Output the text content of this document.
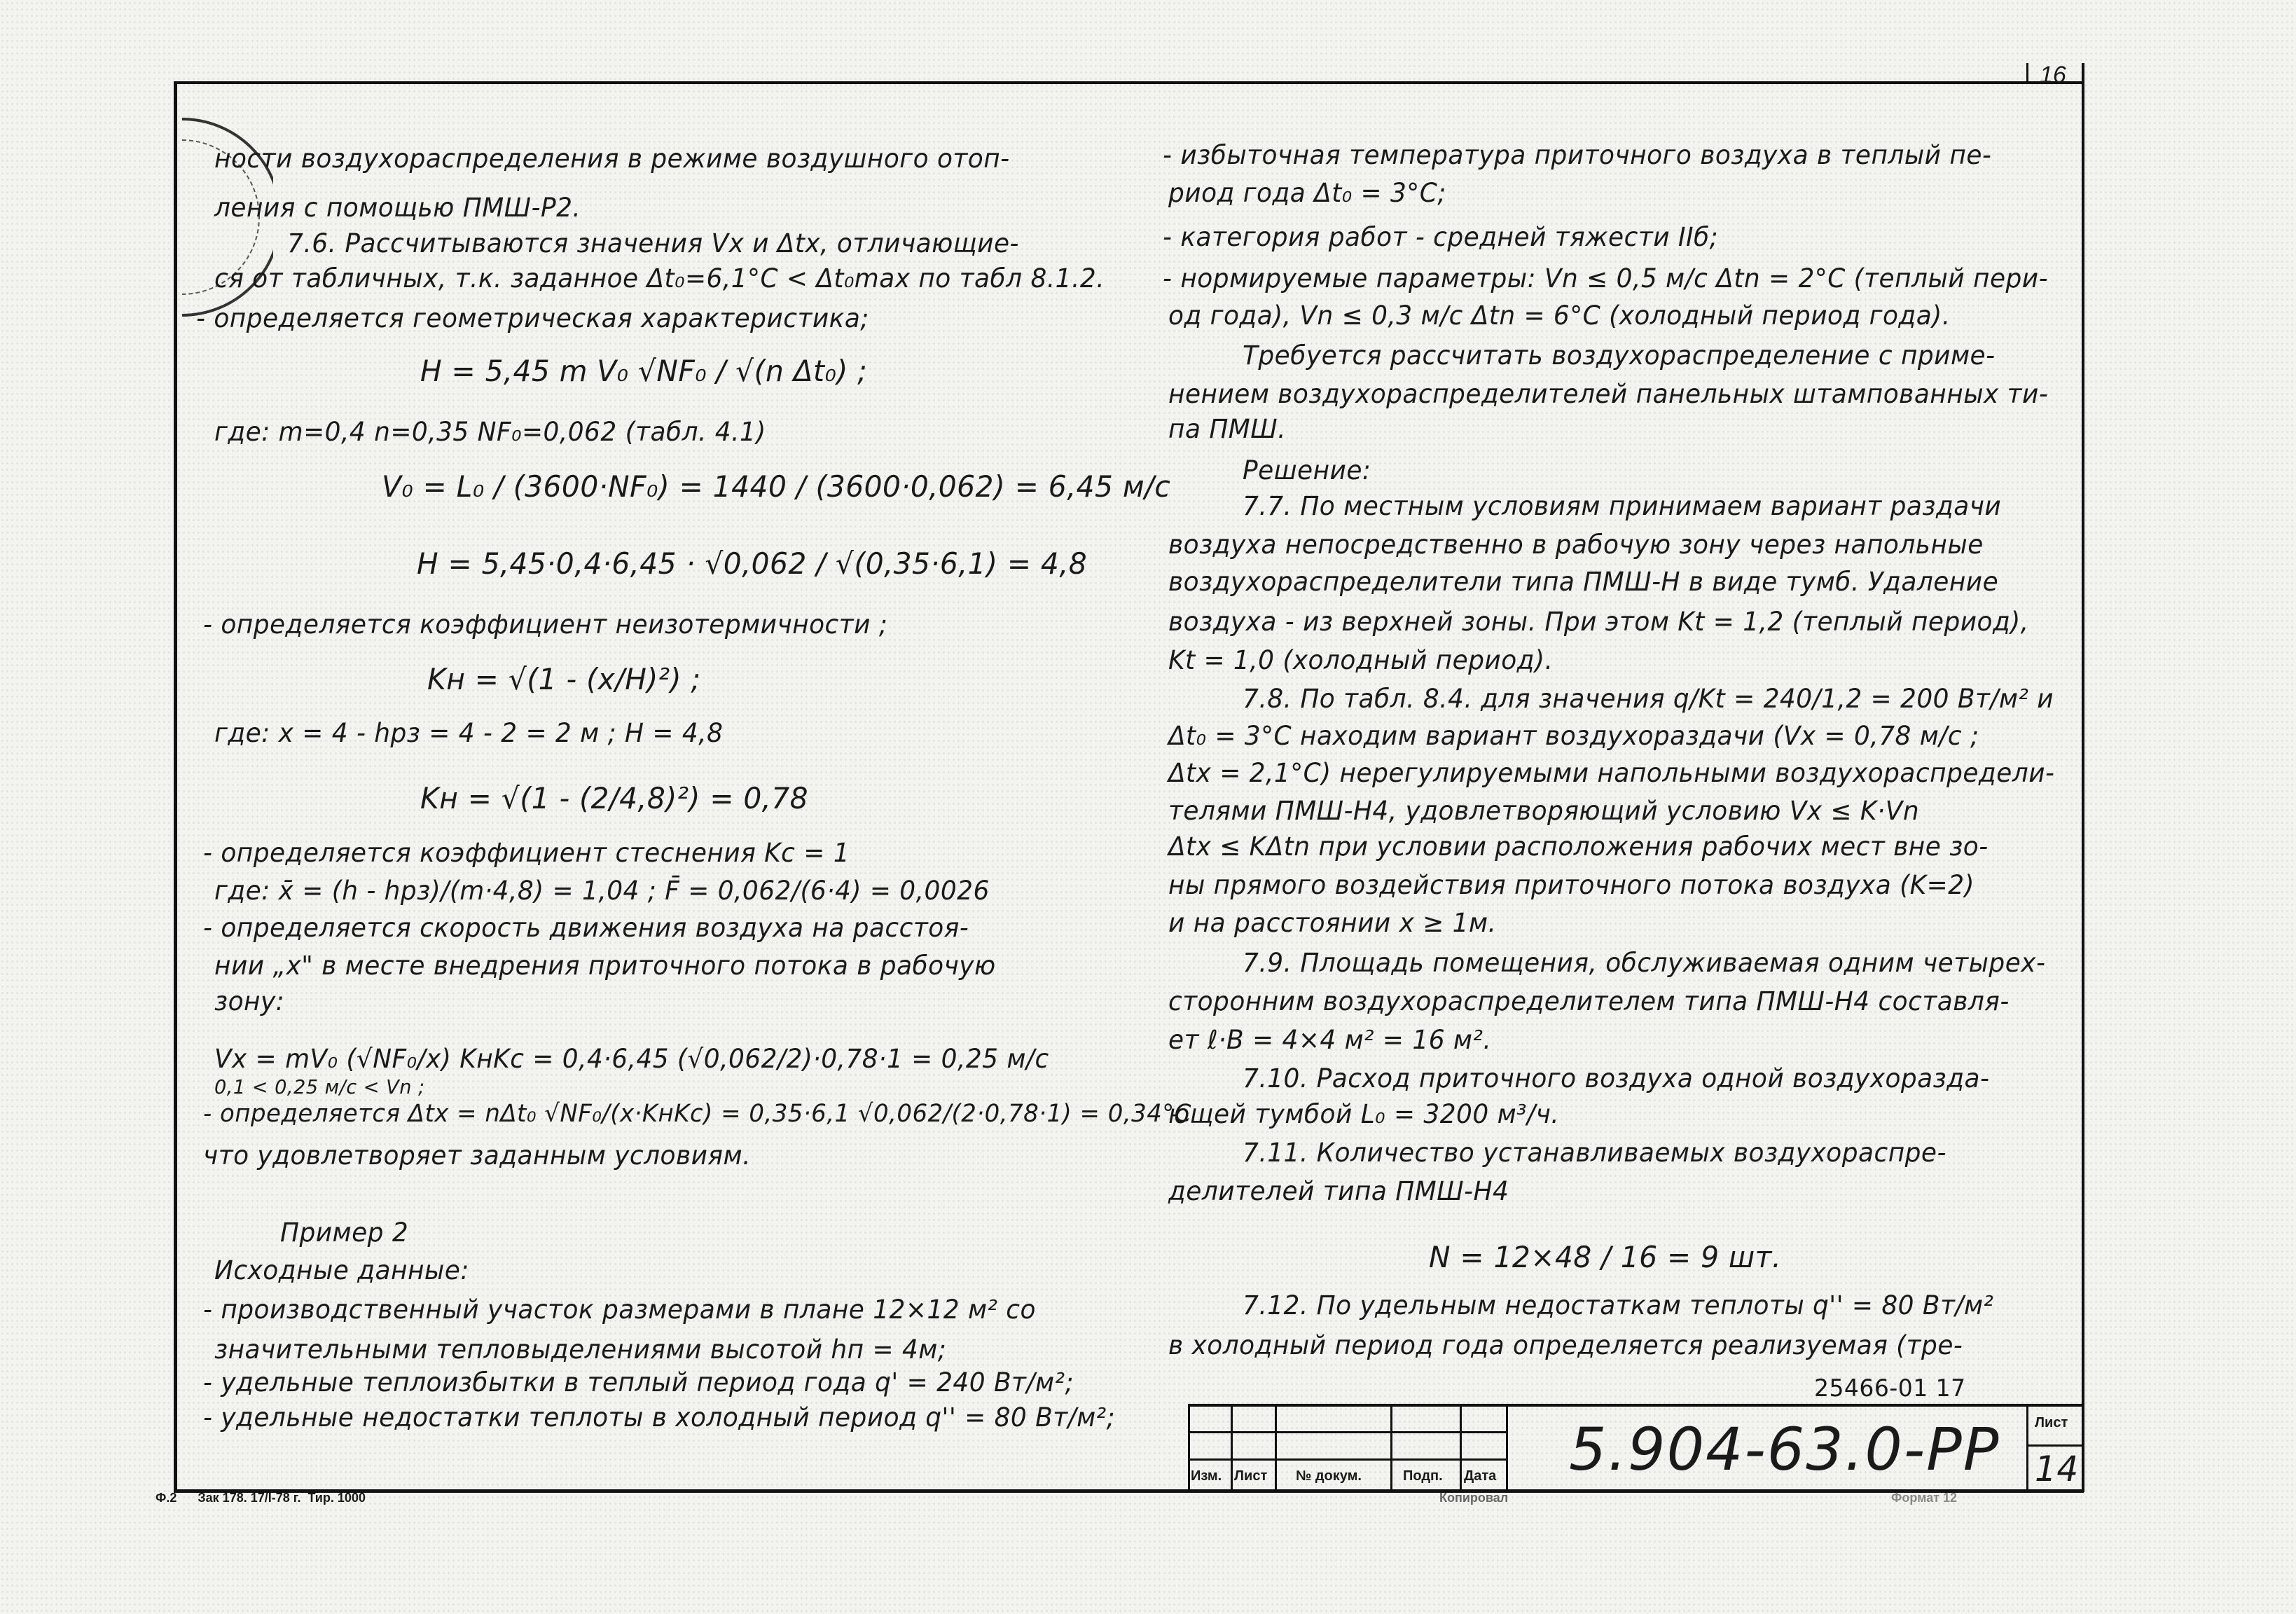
16
ности воздухораспределения в режиме воздушного отоп-
ления с помощью ПМШ-Р2.
7.6. Рассчитываются значения Vx и Δtx, отличающие-
ся от табличных, т.к. заданное Δt₀=6,1°C < Δt₀max по табл 8.1.2.
- определяется геометрическая характеристика;
H = 5,45 m V₀ √NF₀ / √(n Δt₀) ;
где: m=0,4 n=0,35 NF₀=0,062 (табл. 4.1)
V₀ = L₀ / (3600·NF₀) = 1440 / (3600·0,062) = 6,45 м/с
H = 5,45·0,4·6,45 · √0,062 / √(0,35·6,1) = 4,8
- определяется коэффициент неизотермичности ;
Kн = √(1 - (x/H)²) ;
где: x = 4 - hрз = 4 - 2 = 2 м ; H = 4,8
Kн = √(1 - (2/4,8)²) = 0,78
- определяется коэффициент стеснения Kc = 1
где: x̄ = (h - hрз)/(m·4,8) = 1,04 ; F̄ = 0,062/(6·4) = 0,0026
- определяется скорость движения воздуха на расстоя-
нии „x" в месте внедрения приточного потока в рабочую
зону:
Vx = mV₀ (√NF₀/x) KнKc = 0,4·6,45 (√0,062/2)·0,78·1 = 0,25 м/с
0,1 < 0,25 м/с < Vn ;
- определяется Δtx = nΔt₀ √NF₀/(x·KнKc) = 0,35·6,1 √0,062/(2·0,78·1) = 0,34°C
что удовлетворяет заданным условиям.
Пример 2
Исходные данные:
- производственный участок размерами в плане 12×12 м² со
значительными тепловыделениями высотой hп = 4м;
- удельные теплоизбытки в теплый период года q' = 240 Вт/м²;
- удельные недостатки теплоты в холодный период q'' = 80 Вт/м²;
- избыточная температура приточного воздуха в теплый пе-
риод года Δt₀ = 3°C;
- категория работ - средней тяжести IIб;
- нормируемые параметры: Vn ≤ 0,5 м/с Δtn = 2°C (теплый пери-
од года), Vn ≤ 0,3 м/с Δtn = 6°C (холодный период года).
Требуется рассчитать воздухораспределение с приме-
нением воздухораспределителей панельных штампованных ти-
па ПМШ.
Решение:
7.7. По местным условиям принимаем вариант раздачи
воздуха непосредственно в рабочую зону через напольные
воздухораспределители типа ПМШ-Н в виде тумб. Удаление
воздуха - из верхней зоны. При этом Kt = 1,2 (теплый период),
Kt = 1,0 (холодный период).
7.8. По табл. 8.4. для значения q/Kt = 240/1,2 = 200 Вт/м² и
Δt₀ = 3°C находим вариант воздухораздачи (Vx = 0,78 м/с ;
Δtx = 2,1°C) нерегулируемыми напольными воздухораспредели-
телями ПМШ-Н4, удовлетворяющий условию Vx ≤ K·Vn
Δtx ≤ KΔtn при условии расположения рабочих мест вне зо-
ны прямого воздействия приточного потока воздуха (K=2)
и на расстоянии x ≥ 1м.
7.9. Площадь помещения, обслуживаемая одним четырех-
сторонним воздухораспределителем типа ПМШ-Н4 составля-
ет ℓ·B = 4×4 м² = 16 м².
7.10. Расход приточного воздуха одной воздухоразда-
ющей тумбой L₀ = 3200 м³/ч.
7.11. Количество устанавливаемых воздухораспре-
делителей типа ПМШ-Н4
N = 12×48 / 16 = 9 шт.
7.12. По удельным недостаткам теплоты q'' = 80 Вт/м²
в холодный период года определяется реализуемая (тре-
25466-01 17
Изм. Лист № докум.	Подп. Дата 5.904-63.0-РР Лист
14
Ф.2      Зак 178. 17/I-78 г.  Тир. 1000	Копировал	Формат 12
